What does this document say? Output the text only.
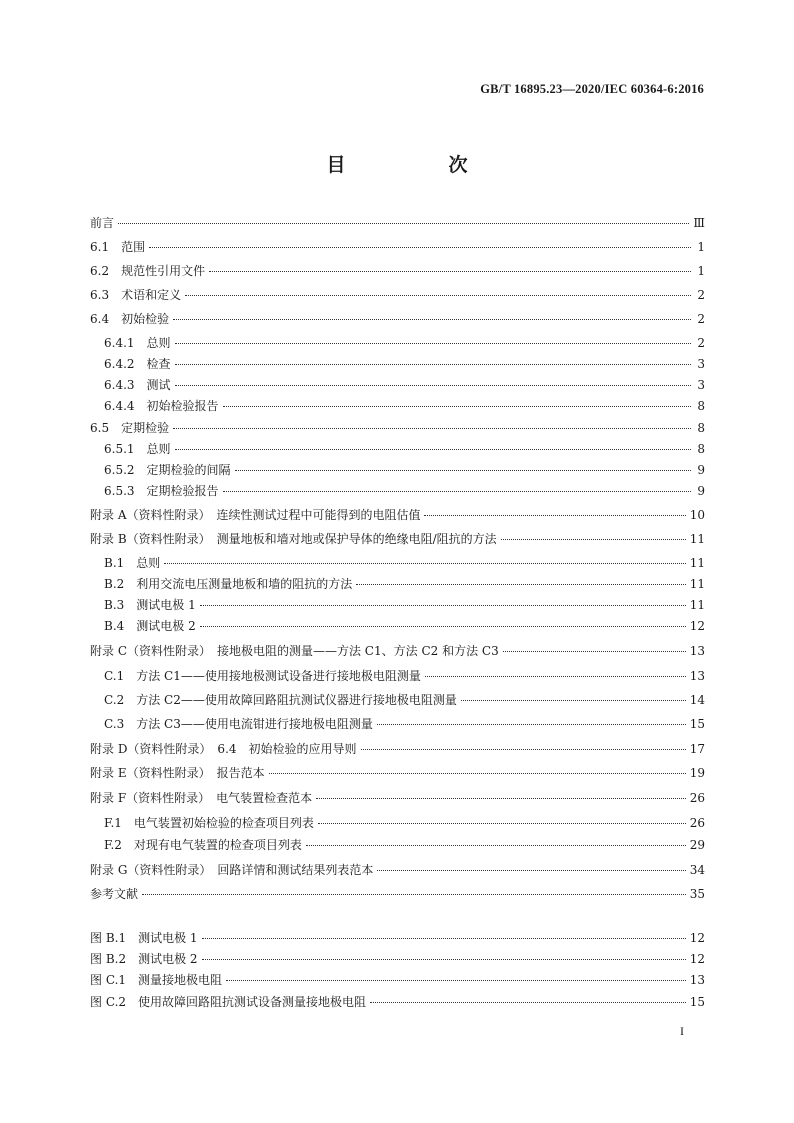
GB/T 16895.23—2020/IEC 60364-6:2016
目　次
前言	Ⅲ
6.1　范围	1
6.2　规范性引用文件	1
6.3　术语和定义	2
6.4　初始检验	2
6.4.1　总则	2
6.4.2　检查	3
6.4.3　测试	3
6.4.4　初始检验报告	8
6.5　定期检验	8
6.5.1　总则	8
6.5.2　定期检验的间隔	9
6.5.3　定期检验报告	9
附录 A（资料性附录）　连续性测试过程中可能得到的电阻估值	10
附录 B（资料性附录）　测量地板和墙对地或保护导体的绝缘电阻/阻抗的方法	11
B.1　总则	11
B.2　利用交流电压测量地板和墙的阻抗的方法	11
B.3　测试电极 1	11
B.4　测试电极 2	12
附录 C（资料性附录）　接地极电阻的测量——方法 C1、方法 C2 和方法 C3	13
C.1　方法 C1——使用接地极测试设备进行接地极电阻测量	13
C.2　方法 C2——使用故障回路阻抗测试仪器进行接地极电阻测量	14
C.3　方法 C3——使用电流钳进行接地极电阻测量	15
附录 D（资料性附录）　6.4　初始检验的应用导则	17
附录 E（资料性附录）　报告范本	19
附录 F（资料性附录）　电气装置检查范本	26
F.1　电气装置初始检验的检查项目列表	26
F.2　对现有电气装置的检查项目列表	29
附录 G（资料性附录）　回路详情和测试结果列表范本	34
参考文献	35
图 B.1　测试电极 1	12
图 B.2　测试电极 2	12
图 C.1　测量接地极电阻	13
图 C.2　使用故障回路阻抗测试设备测量接地极电阻	15
I
